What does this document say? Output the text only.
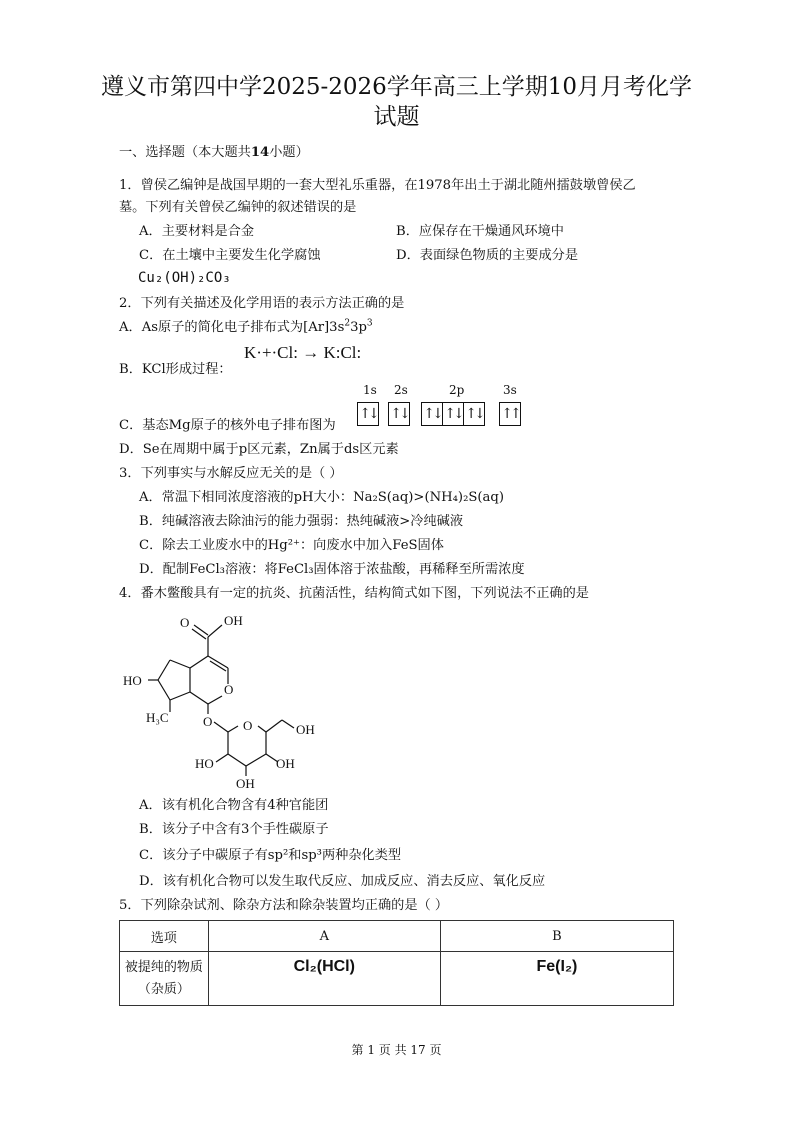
遵义市第四中学2025-2026学年高三上学期10月月考化学
试题
一、选择题（本大题共14小题）
1．曾侯乙编钟是战国早期的一套大型礼乐重器，在1978年出土于湖北随州擂鼓墩曾侯乙
墓。下列有关曾侯乙编钟的叙述错误的是
A．主要材料是合金	B．应保存在干燥通风环境中
C．在土壤中主要发生化学腐蚀	D．表面绿色物质的主要成分是
Cu₂(OH)₂CO₃
2．下列有关描述及化学用语的表示方法正确的是
A．As原子的简化电子排布式为$[Ar]3s^23p^3$
B．KCl形成过程：
K·+·Cl: → K:Cl:
1s 2s	2p	3s
↑↓ ↑↓ ↑↓ ↑↓ ↑↓ ↑↑
C．基态Mg原子的核外电子排布图为
D．Se在周期中属于p区元素，Zn属于ds区元素
3．下列事实与水解反应无关的是（ ）
A．常温下相同浓度溶液的pH大小：Na₂S(aq)>(NH₄)₂S(aq)
B．纯碱溶液去除油污的能力强弱：热纯碱液>冷纯碱液
C．除去工业废水中的Hg²⁺：向废水中加入FeS固体
D．配制FeCl₃溶液：将FeCl₃固体溶于浓盐酸，再稀释至所需浓度
4．番木鳖酸具有一定的抗炎、抗菌活性，结构简式如下图，下列说法不正确的是
O	OH
HO
O
H₃C	O O	OH
HO	OH
OH
A．该有机化合物含有4种官能团
B．该分子中含有3个手性碳原子
C．该分子中碳原子有sp²和sp³两种杂化类型
D．该有机化合物可以发生取代反应、加成反应、消去反应、氧化反应
5．下列除杂试剂、除杂方法和除杂装置均正确的是（ ）
选项	A	B

被提纯的物质
（杂质）	Cl₂(HCl)	Fe(I₂)
第 1 页 共 17 页
